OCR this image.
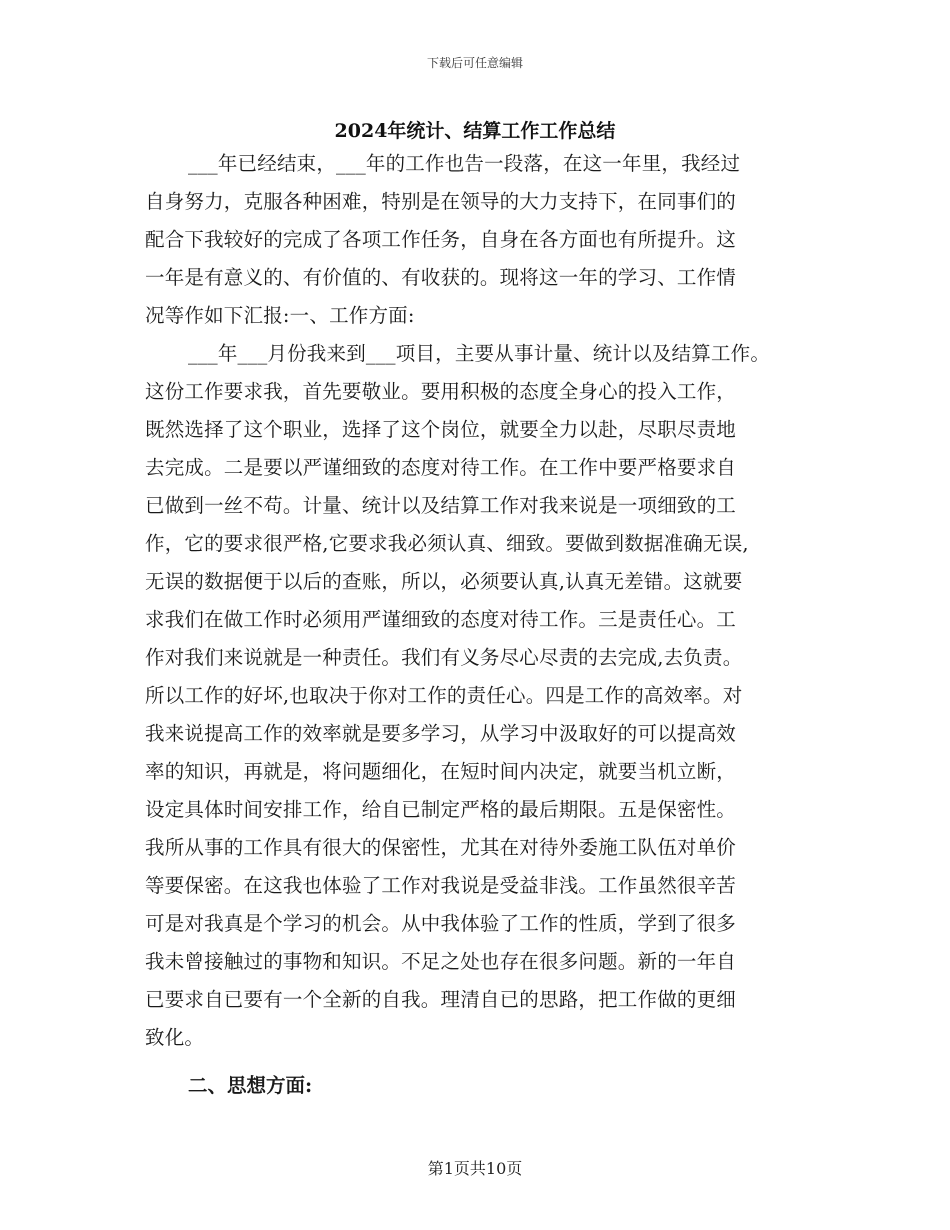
下载后可任意编辑
2024年统计、结算工作工作总结
___年已经结束，___年的工作也告一段落，在这一年里，我经过
自身努力，克服各种困难，特别是在领导的大力支持下，在同事们的
配合下我较好的完成了各项工作任务，自身在各方面也有所提升。这
一年是有意义的、有价值的、有收获的。现将这一年的学习、工作情
况等作如下汇报:一、工作方面:
___年___月份我来到___项目，主要从事计量、统计以及结算工作。
这份工作要求我，首先要敬业。要用积极的态度全身心的投入工作，
既然选择了这个职业，选择了这个岗位，就要全力以赴，尽职尽责地
去完成。二是要以严谨细致的态度对待工作。在工作中要严格要求自
已做到一丝不苟。计量、统计以及结算工作对我来说是一项细致的工
作，它的要求很严格,它要求我必须认真、细致。要做到数据准确无误,
无误的数据便于以后的查账，所以，必须要认真,认真无差错。这就要
求我们在做工作时必须用严谨细致的态度对待工作。三是责任心。工
作对我们来说就是一种责任。我们有义务尽心尽责的去完成,去负责。
所以工作的好坏,也取决于你对工作的责任心。四是工作的高效率。对
我来说提高工作的效率就是要多学习，从学习中汲取好的可以提高效
率的知识，再就是，将问题细化，在短时间内决定，就要当机立断，
设定具体时间安排工作，给自已制定严格的最后期限。五是保密性。
我所从事的工作具有很大的保密性，尤其在对待外委施工队伍对单价
等要保密。在这我也体验了工作对我说是受益非浅。工作虽然很辛苦
可是对我真是个学习的机会。从中我体验了工作的性质，学到了很多
我未曾接触过的事物和知识。不足之处也存在很多问题。新的一年自
已要求自已要有一个全新的自我。理清自已的思路，把工作做的更细
致化。
二、思想方面:
第1页共10页
